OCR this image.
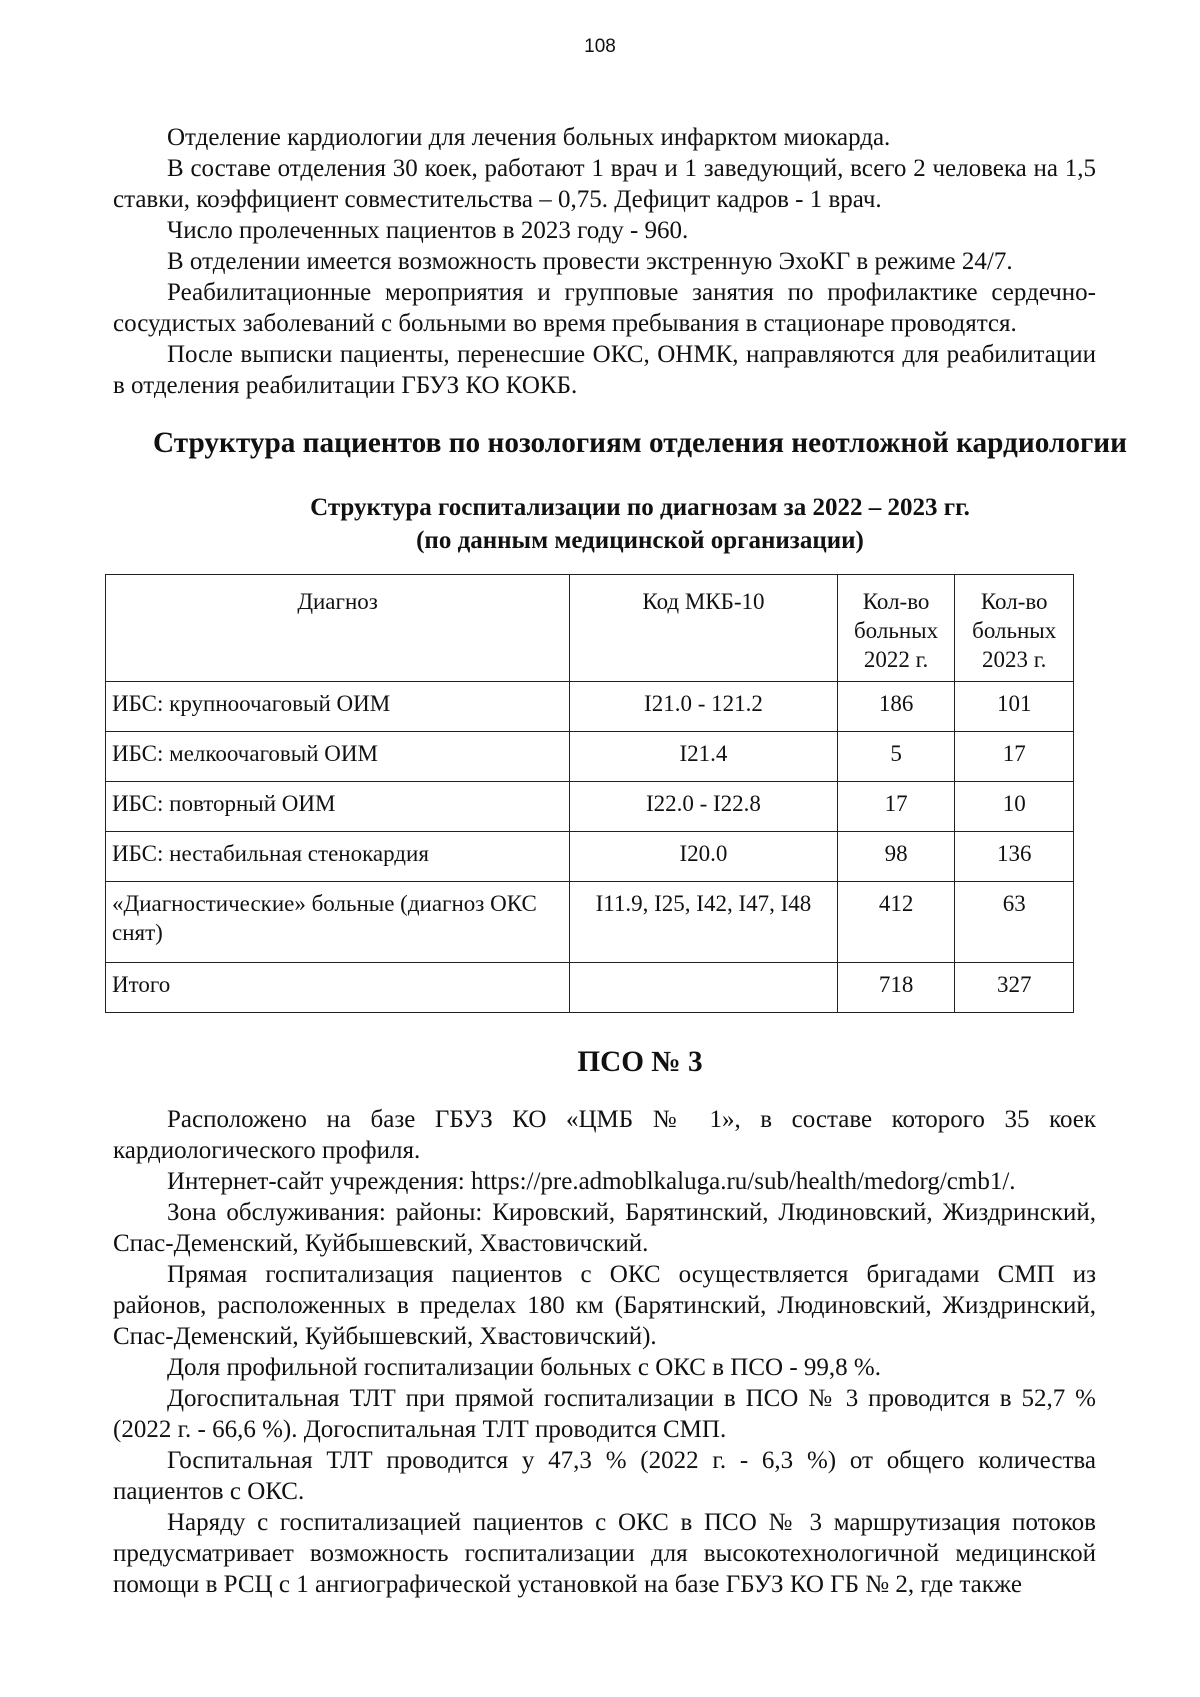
108

Отделение кардиологии для лечения больных инфарктом миокарда.

В составе отделения 30 коек, работают 1 врач и 1 заведующий, всего 2 человека на 1,5 ставки, коэффициент совместительства – 0,75. Дефицит кадров - 1 врач.

Число пролеченных пациентов в 2023 году - 960.

В отделении имеется возможность провести экстренную ЭхоКГ в режиме 24/7.

Реабилитационные мероприятия и групповые занятия по профилактике сердечно-сосудистых заболеваний с больными во время пребывания в стационаре проводятся.

После выписки пациенты, перенесшие ОКС, ОНМК, направляются для реабилитации в отделения реабилитации ГБУЗ КО КОКБ.

Структура пациентов по нозологиям отделения неотложной кардиологии
Структура госпитализации по диагнозам за 2022 – 2023 гг.
(по данным медицинской организации)
Диагноз	Код МКБ-10	Кол-во больных 2022 г.	Кол-во больных 2023 г.
ИБС: крупноочаговый ОИМ	I21.0 - 121.2	186	101
ИБС: мелкоочаговый ОИМ	I21.4	5	17
ИБС: повторный ОИМ	I22.0 - I22.8	17	10
ИБС: нестабильная стенокардия	I20.0	98	136
«Диагностические» больные (диагноз ОКС снят)	I11.9, I25, I42, I47, I48	412	63
Итого		718	327
ПСО № 3

Расположено на базе ГБУЗ КО «ЦМБ № 1», в составе которого 35 коек кардиологического профиля.

Интернет-сайт учреждения: https://pre.admoblkaluga.ru/sub/health/medorg/cmb1/.

Зона обслуживания: районы: Кировский, Барятинский, Людиновский, Жиздринский, Спас-Деменский, Куйбышевский, Хвастовичский.

Прямая госпитализация пациентов с ОКС осуществляется бригадами СМП из районов, расположенных в пределах 180 км (Барятинский, Людиновский, Жиздринский, Спас-Деменский, Куйбышевский, Хвастовичский).

Доля профильной госпитализации больных с ОКС в ПСО - 99,8 %.

Догоспитальная ТЛТ при прямой госпитализации в ПСО № 3 проводится в 52,7 % (2022 г. - 66,6 %). Догоспитальная ТЛТ проводится СМП.

Госпитальная ТЛТ проводится у 47,3 % (2022 г. - 6,3 %) от общего количества пациентов с ОКС.

Наряду с госпитализацией пациентов с ОКС в ПСО № 3 маршрутизация потоков предусматривает возможность госпитализации для высокотехнологичной медицинской помощи в РСЦ с 1 ангиографической установкой на базе ГБУЗ КО ГБ № 2, где также
